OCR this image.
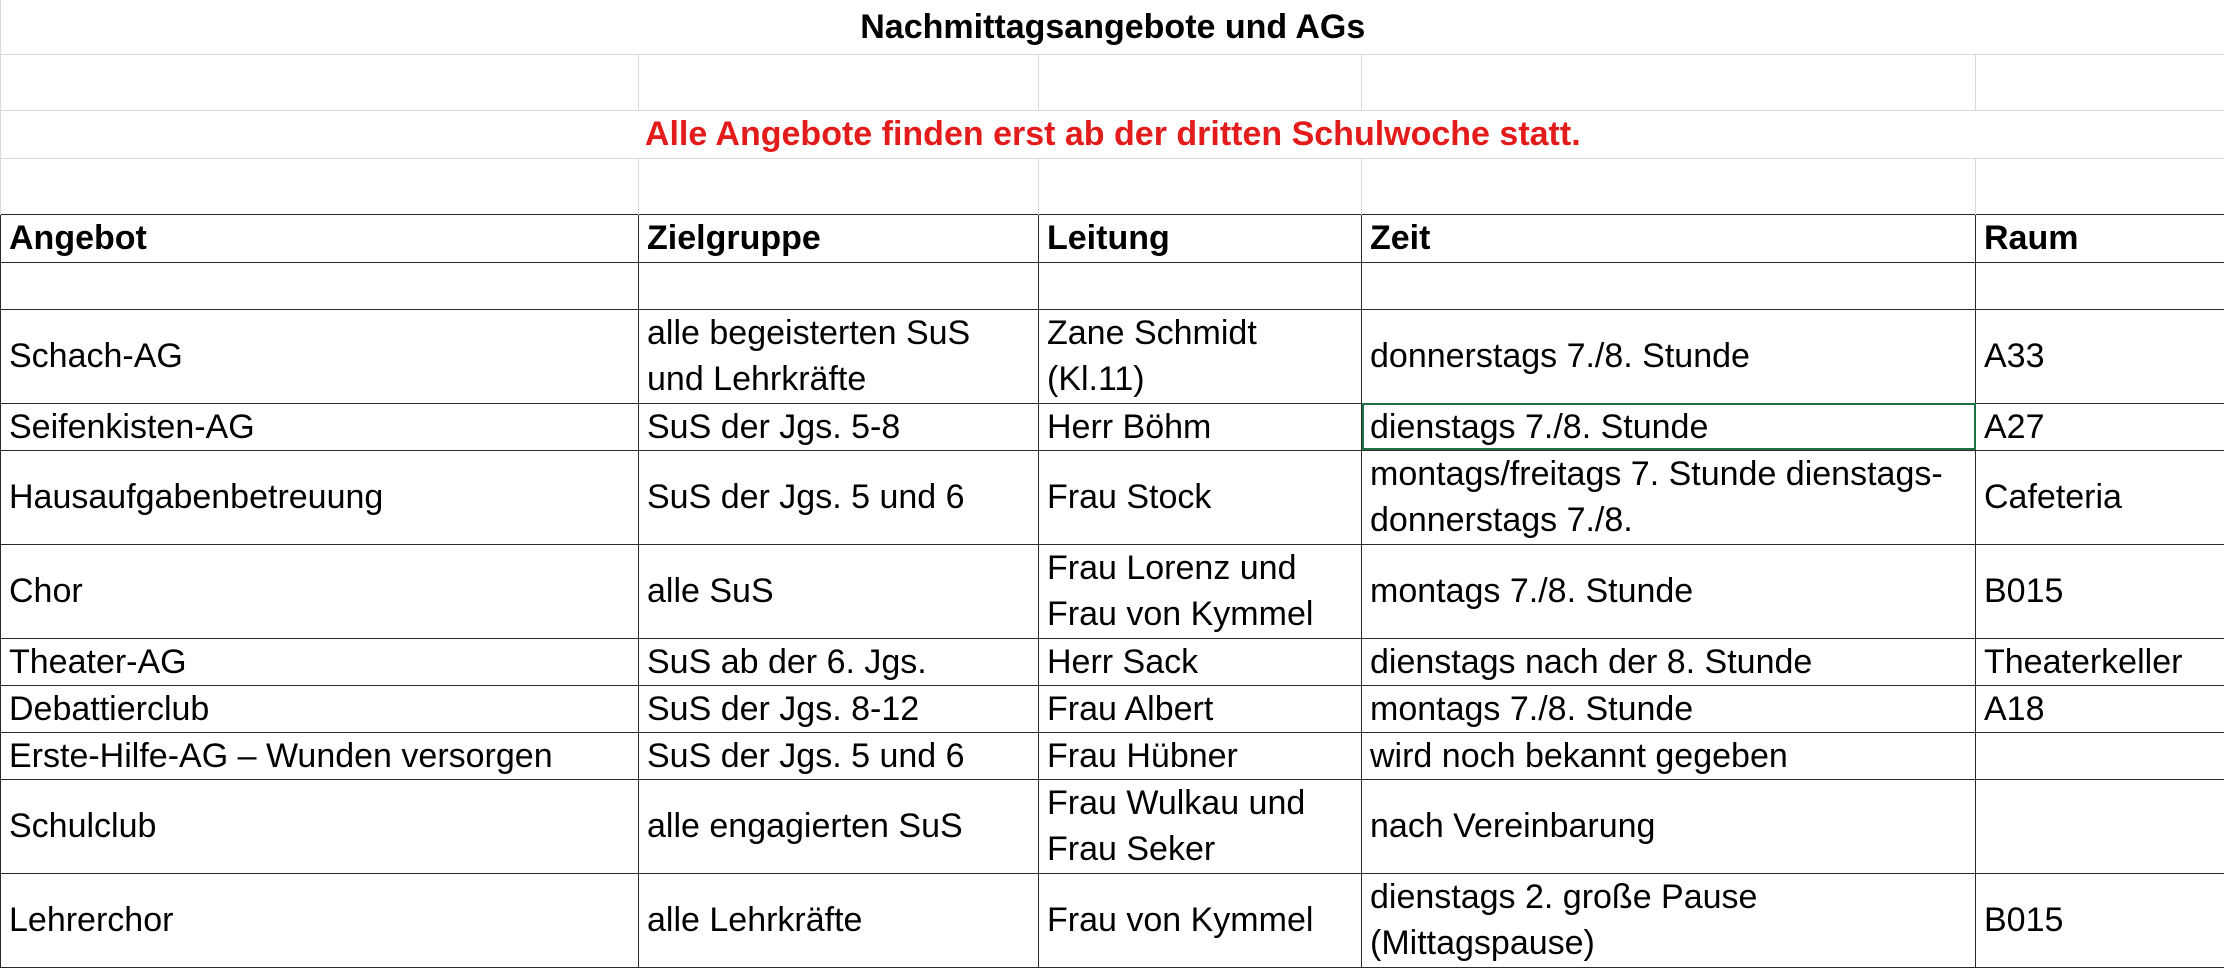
Nachmittagsangebote und AGs				

Alle Angebote finden erst ab der dritten Schulwoche statt.				

Angebot	Zielgruppe	Leitung	Zeit	Raum

Schach-AG	alle begeisterten SuS und Lehrkräfte	Zane Schmidt (Kl.11)	donnerstags 7./8. Stunde	A33
Seifenkisten-AG	SuS der Jgs. 5-8	Herr Böhm	dienstags 7./8. Stunde	A27
Hausaufgabenbetreuung	SuS der Jgs. 5 und 6	Frau Stock	montags/freitags 7. Stunde dienstags-donnerstags 7./8.	Cafeteria
Chor	alle SuS	Frau Lorenz und Frau von Kymmel	montags 7./8. Stunde	B015
Theater-AG	SuS ab der 6. Jgs.	Herr Sack	dienstags nach der 8. Stunde	Theaterkeller
Debattierclub	SuS der Jgs. 8-12	Frau Albert	montags 7./8. Stunde	A18
Erste-Hilfe-AG – Wunden versorgen	SuS der Jgs. 5 und 6	Frau Hübner	wird noch bekannt gegeben	
Schulclub	alle engagierten SuS	Frau Wulkau und Frau Seker	nach Vereinbarung	
Lehrerchor	alle Lehrkräfte	Frau von Kymmel	dienstags 2. große Pause (Mittagspause)	B015
